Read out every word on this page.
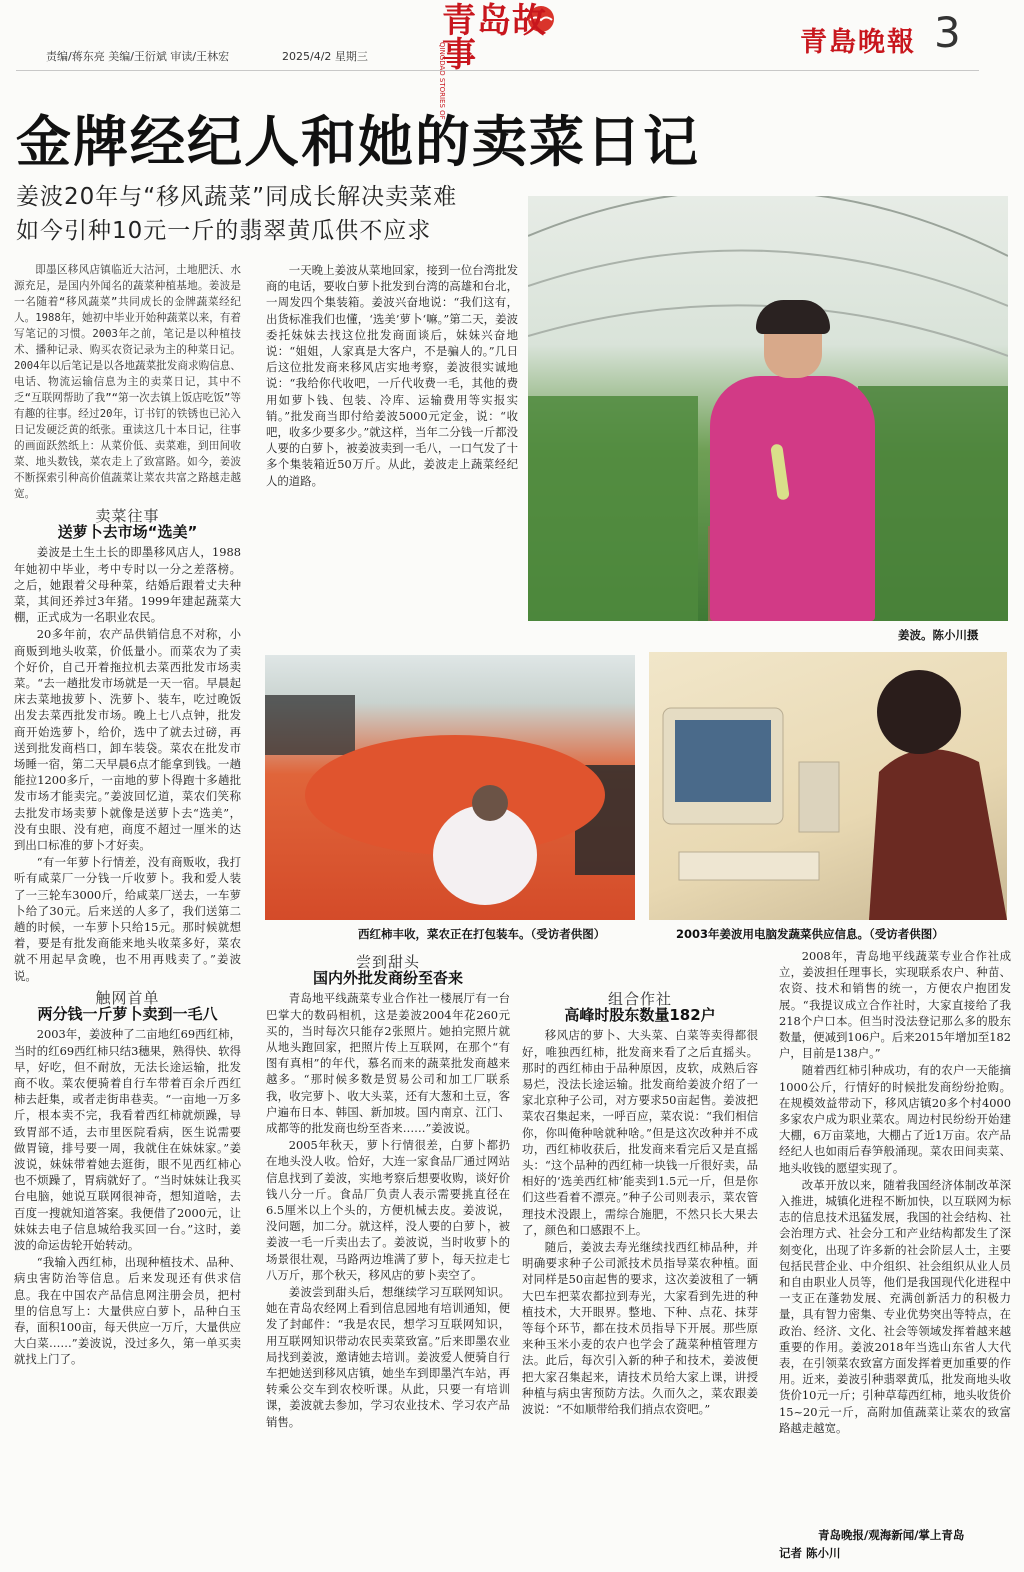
责编/蒋东亮 美编/王衍斌 审读/王林宏	2025/4/2 星期三
青岛故事
QINGDAO STORIES OF	青島晚報 3
金牌经纪人和她的卖菜日记
姜波20年与“移风蔬菜”同成长解决卖菜难
如今引种10元一斤的翡翠黄瓜供不应求
姜波。陈小川摄
西红柿丰收，菜农正在打包装车。（受访者供图）	2003年姜波用电脑发蔬菜供应信息。（受访者供图）

即墨区移风店镇临近大沽河，土地肥沃、水源充足，是国内外闻名的蔬菜种植基地。姜波是一名随着“移风蔬菜”共同成长的金牌蔬菜经纪人。1988年，她初中毕业开始种蔬菜以来，有着写笔记的习惯。2003年之前，笔记是以种植技术、播种记录、购买农资记录为主的种菜日记。2004年以后笔记是以各地蔬菜批发商求购信息、电话、物流运输信息为主的卖菜日记，其中不乏“互联网帮助了我”“第一次去镇上饭店吃饭”等有趣的往事。经过20年，订书钉的铁锈也已沁入日记发硬泛黄的纸张。重读这几十本日记，往事的画面跃然纸上：从菜价低、卖菜难，到田间收菜、地头数钱，菜农走上了致富路。如今，姜波不断探索引种高价值蔬菜让菜农共富之路越走越宽。

卖菜往事
送萝卜去市场“选美”

姜波是土生土长的即墨移风店人，1988年她初中毕业，考中专时以一分之差落榜。之后，她跟着父母种菜，结婚后跟着丈夫种菜，其间还养过3年猪。1999年建起蔬菜大棚，正式成为一名职业农民。

20多年前，农产品供销信息不对称，小商贩到地头收菜，价低量小。而菜农为了卖个好价，自己开着拖拉机去菜西批发市场卖菜。“去一趟批发市场就是一天一宿。早晨起床去菜地拔萝卜、洗萝卜、装车，吃过晚饭出发去菜西批发市场。晚上七八点钟，批发商开始选萝卜，给价，选中了就去过磅，再送到批发商档口，卸车装袋。菜农在批发市场睡一宿，第二天早晨6点才能拿到钱。一趟能拉1200多斤，一亩地的萝卜得跑十多趟批发市场才能卖完。”姜波回忆道，菜农们笑称去批发市场卖萝卜就像是送萝卜去“选美”，没有虫眼、没有疤，商度不超过一厘米的达到出口标准的萝卜才好卖。

“有一年萝卜行情差，没有商贩收，我打听有咸菜厂一分钱一斤收萝卜。我和爱人装了一三轮车3000斤，给咸菜厂送去，一车萝卜给了30元。后来送的人多了，我们送第二趟的时候，一车萝卜只给15元。那时候就想着，要是有批发商能来地头收菜多好，菜农就不用起早贪晚，也不用再贱卖了。”姜波说。

触网首单
两分钱一斤萝卜卖到一毛八

2003年，姜波种了二亩地红69西红柿，当时的红69西红柿只结3穗果，熟得快、软得早，好吃，但不耐放，无法长途运输，批发商不收。菜农便骑着自行车带着百余斤西红柿去赶集，或者走街串巷卖。“一亩地一万多斤，根本卖不完，我看着西红柿就烦躁，导致胃部不适，去市里医院看病，医生说需要做胃镜，排号要一周，我就住在妹妹家。”姜波说，妹妹带着她去逛街，眼不见西红柿心也不烦躁了，胃病就好了。“当时妹妹让我买台电脑，她说互联网很神奇，想知道啥，去百度一搜就知道答案。我便借了2000元，让妹妹去电子信息城给我买回一台。”这时，姜波的命运齿轮开始转动。

“我输入西红柿，出现种植技术、品种、病虫害防治等信息。后来发现还有供求信息。我在中国农产品信息网注册会员，把村里的信息写上：大量供应白萝卜，品种白玉春，面积100亩，每天供应一万斤，大量供应大白菜……”姜波说，没过多久，第一单买卖就找上门了。

一天晚上姜波从菜地回家，接到一位台湾批发商的电话，要收白萝卜批发到台湾的高雄和台北，一周发四个集装箱。姜波兴奋地说：“我们这有，出货标准我们也懂，‘选美’萝卜‘嘛。”第二天，姜波委托妹妹去找这位批发商面谈后，妹妹兴奋地说：“姐姐，人家真是大客户，不是骗人的。”几日后这位批发商来移风店实地考察，姜波很实诚地说：“我给你代收吧，一斤代收费一毛，其他的费用如萝卜钱、包装、冷库、运输费用等实报实销。”批发商当即付给姜波5000元定金，说：“收吧，收多少要多少。”就这样，当年二分钱一斤都没人要的白萝卜，被姜波卖到一毛八，一口气发了十多个集装箱近50万斤。从此，姜波走上蔬菜经纪人的道路。

尝到甜头
国内外批发商纷至沓来

青岛地平线蔬菜专业合作社一楼展厅有一台巴掌大的数码相机，这是姜波2004年花260元买的，当时每次只能存2张照片。她拍完照片就从地头跑回家，把照片传上互联网，在那个“有图有真相”的年代，慕名而来的蔬菜批发商越来越多。“那时候多数是贸易公司和加工厂联系我，收完萝卜、收大头菜，还有大葱和土豆，客户遍布日本、韩国、新加坡。国内南京、江门、成都等的批发商也纷至沓来……”姜波说。

2005年秋天，萝卜行情很差，白萝卜都扔在地头没人收。恰好，大连一家食品厂通过网站信息找到了姜波，实地考察后想要收购，谈好价钱八分一斤。食品厂负责人表示需要挑直径在6.5厘米以上个头的，方便机械去皮。姜波说，没问题，加二分。就这样，没人要的白萝卜，被姜波一毛一斤卖出去了。姜波说，当时收萝卜的场景很壮观，马路两边堆满了萝卜，每天拉走七八万斤，那个秋天，移风店的萝卜卖空了。

姜波尝到甜头后，想继续学习互联网知识。她在青岛农经网上看到信息园地有培训通知，便发了封邮件：“我是农民，想学习互联网知识，用互联网知识带动农民卖菜致富。”后来即墨农业局找到姜波，邀请她去培训。姜波爱人便骑自行车把她送到移风店镇，她坐车到即墨汽车站，再转乘公交车到农校听课。从此，只要一有培训课，姜波就去参加，学习农业技术、学习农产品销售。

组合作社
高峰时股东数量182户

移风店的萝卜、大头菜、白菜等卖得都很好，唯独西红柿，批发商来看了之后直摇头。那时的西红柿由于品种原因，皮软，成熟后容易烂，没法长途运输。批发商给姜波介绍了一家北京种子公司，对方要求50亩起售。姜波把菜农召集起来，一呼百应，菜农说：“我们相信你，你叫俺种啥就种啥。”但是这次改种并不成功，西红柿收获后，批发商来看完后又是直摇头：“这个品种的西红柿一块钱一斤很好卖，品相好的‘选美西红柿’能卖到1.5元一斤，但是你们这些看着不漂亮。”种子公司则表示，菜农管理技术没跟上，需综合施肥，不然只长大果去了，颜色和口感跟不上。

随后，姜波去寿光继续找西红柿品种，并明确要求种子公司派技术员指导菜农种植。面对同样是50亩起售的要求，这次姜波租了一辆大巴车把菜农都拉到寿光，大家看到先进的种植技术，大开眼界。整地、下种、点花、抹芽等每个环节，都在技术员指导下开展。那些原来种玉米小麦的农户也学会了蔬菜种植管理方法。此后，每次引入新的种子和技术，姜波便把大家召集起来，请技术员给大家上课，讲授种植与病虫害预防方法。久而久之，菜农跟姜波说：“不如顺带给我们捎点农资吧。”

2008年，青岛地平线蔬菜专业合作社成立，姜波担任理事长，实现联系农户、种苗、农资、技术和销售的统一，方便农户抱团发展。“我提议成立合作社时，大家直接给了我218个户口本。但当时没法登记那么多的股东数量，便减到106户。后来2015年增加至182户，目前是138户。”

随着西红柿引种成功，有的农户一天能摘1000公斤，行情好的时候批发商纷纷抢购。在规模效益带动下，移风店镇20多个村4000多家农户成为职业菜农。周边村民纷纷开始建大棚，6万亩菜地，大棚占了近1万亩。农产品经纪人也如雨后春笋般涌现。菜农田间卖菜、地头收钱的愿望实现了。

改革开放以来，随着我国经济体制改革深入推进，城镇化进程不断加快，以互联网为标志的信息技术迅猛发展，我国的社会结构、社会治理方式、社会分工和产业结构都发生了深刻变化，出现了许多新的社会阶层人士，主要包括民营企业、中介组织、社会组织从业人员和自由职业人员等，他们是我国现代化进程中一支正在蓬勃发展、充满创新活力的积极力量，具有智力密集、专业优势突出等特点，在政治、经济、文化、社会等领域发挥着越来越重要的作用。姜波2018年当选山东省人大代表，在引领菜农致富方面发挥着更加重要的作用。近来，姜波引种翡翠黄瓜，批发商地头收货价10元一斤；引种草莓西红柿，地头收货价15~20元一斤，高附加值蔬菜让菜农的致富路越走越宽。

青岛晚报/观海新闻/掌上青岛
记者 陈小川
